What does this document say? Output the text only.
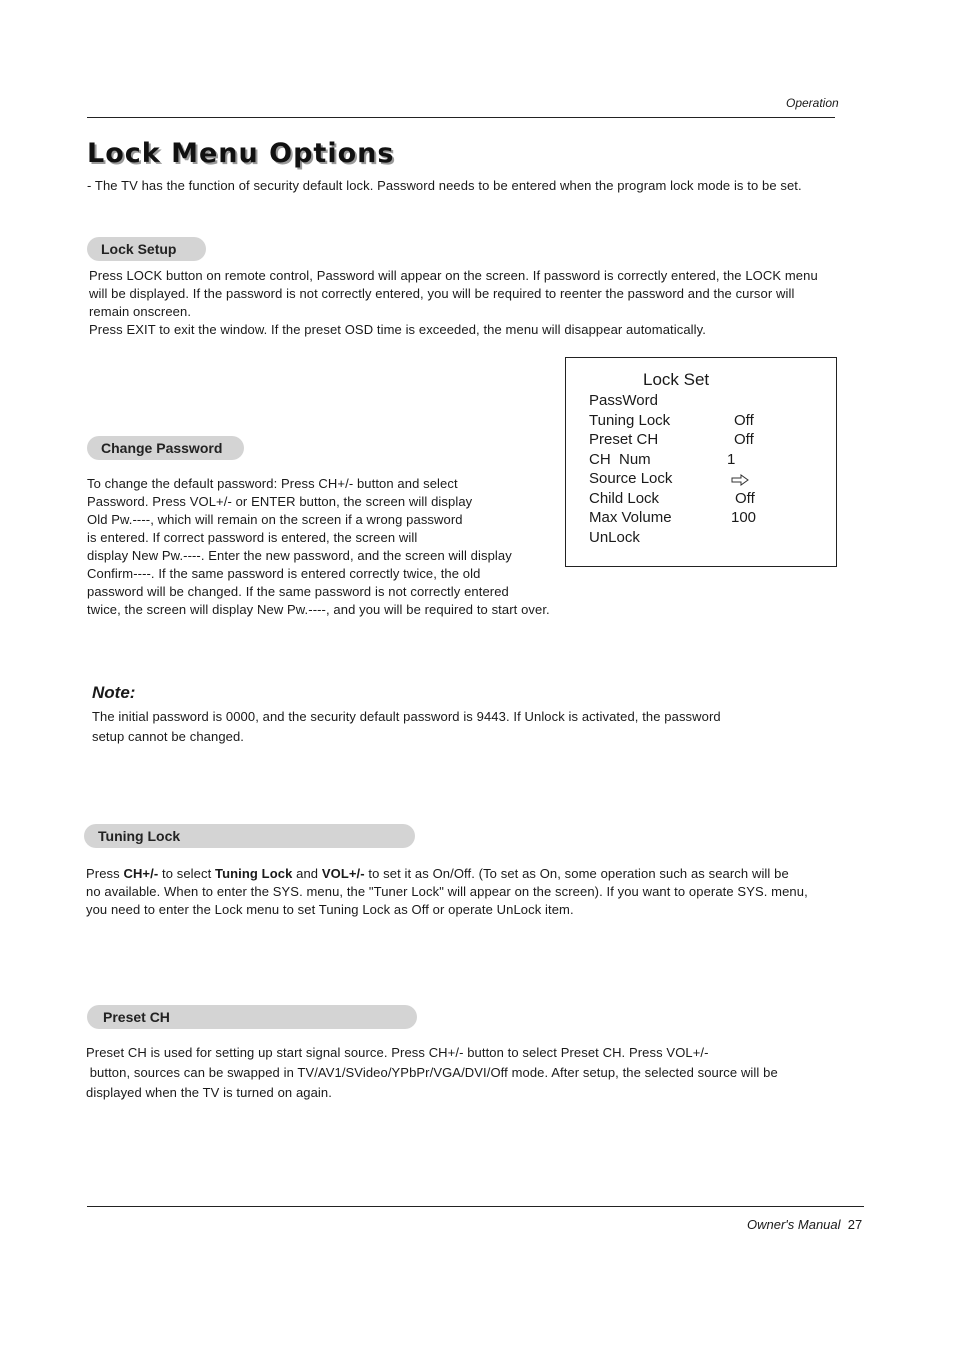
Operation
Lock Menu Options
- The TV has the function of security default lock. Password needs to be entered when the program lock mode is to be set.
Lock Setup
Press LOCK button on remote control, Password will appear on the screen. If password is correctly entered, the LOCK menu
will be displayed. If the password is not correctly entered, you will be required to reenter the password and the cursor will
remain onscreen.
Press EXIT to exit the window. If the preset OSD time is exceeded, the menu will disappear automatically.
Lock Set
PassWord
Tuning Lock	Off
Preset CH	Off
CH  Num	1
Source Lock
Child Lock	Off
Max Volume	100
UnLock
Change Password
To change the default password: Press CH+/- button and select
Password. Press VOL+/- or ENTER button, the screen will display
Old Pw.----, which will remain on the screen if a wrong password
is entered. If correct password is entered, the screen will
display New Pw.----. Enter the new password, and the screen will display
Confirm----. If the same password is entered correctly twice, the old
password will be changed. If the same password is not correctly entered
twice, the screen will display New Pw.----, and you will be required to start over.
Note:
The initial password is 0000, and the security default password is 9443. If Unlock is activated, the password
setup cannot be changed.
Tuning Lock
Press CH+/- to select Tuning Lock and VOL+/- to set it as On/Off. (To set as On, some operation such as search will be
no available. When to enter the SYS. menu, the "Tuner Lock" will appear on the screen). If you want to operate SYS. menu,
you need to enter the Lock menu to set Tuning Lock as Off or operate UnLock item.
Preset CH
Preset CH is used for setting up start signal source. Press CH+/- button to select Preset CH. Press VOL+/-
button, sources can be swapped in TV/AV1/SVideo/YPbPr/VGA/DVI/Off mode. After setup, the selected source will be
displayed when the TV is turned on again.
Owner's Manual 27
